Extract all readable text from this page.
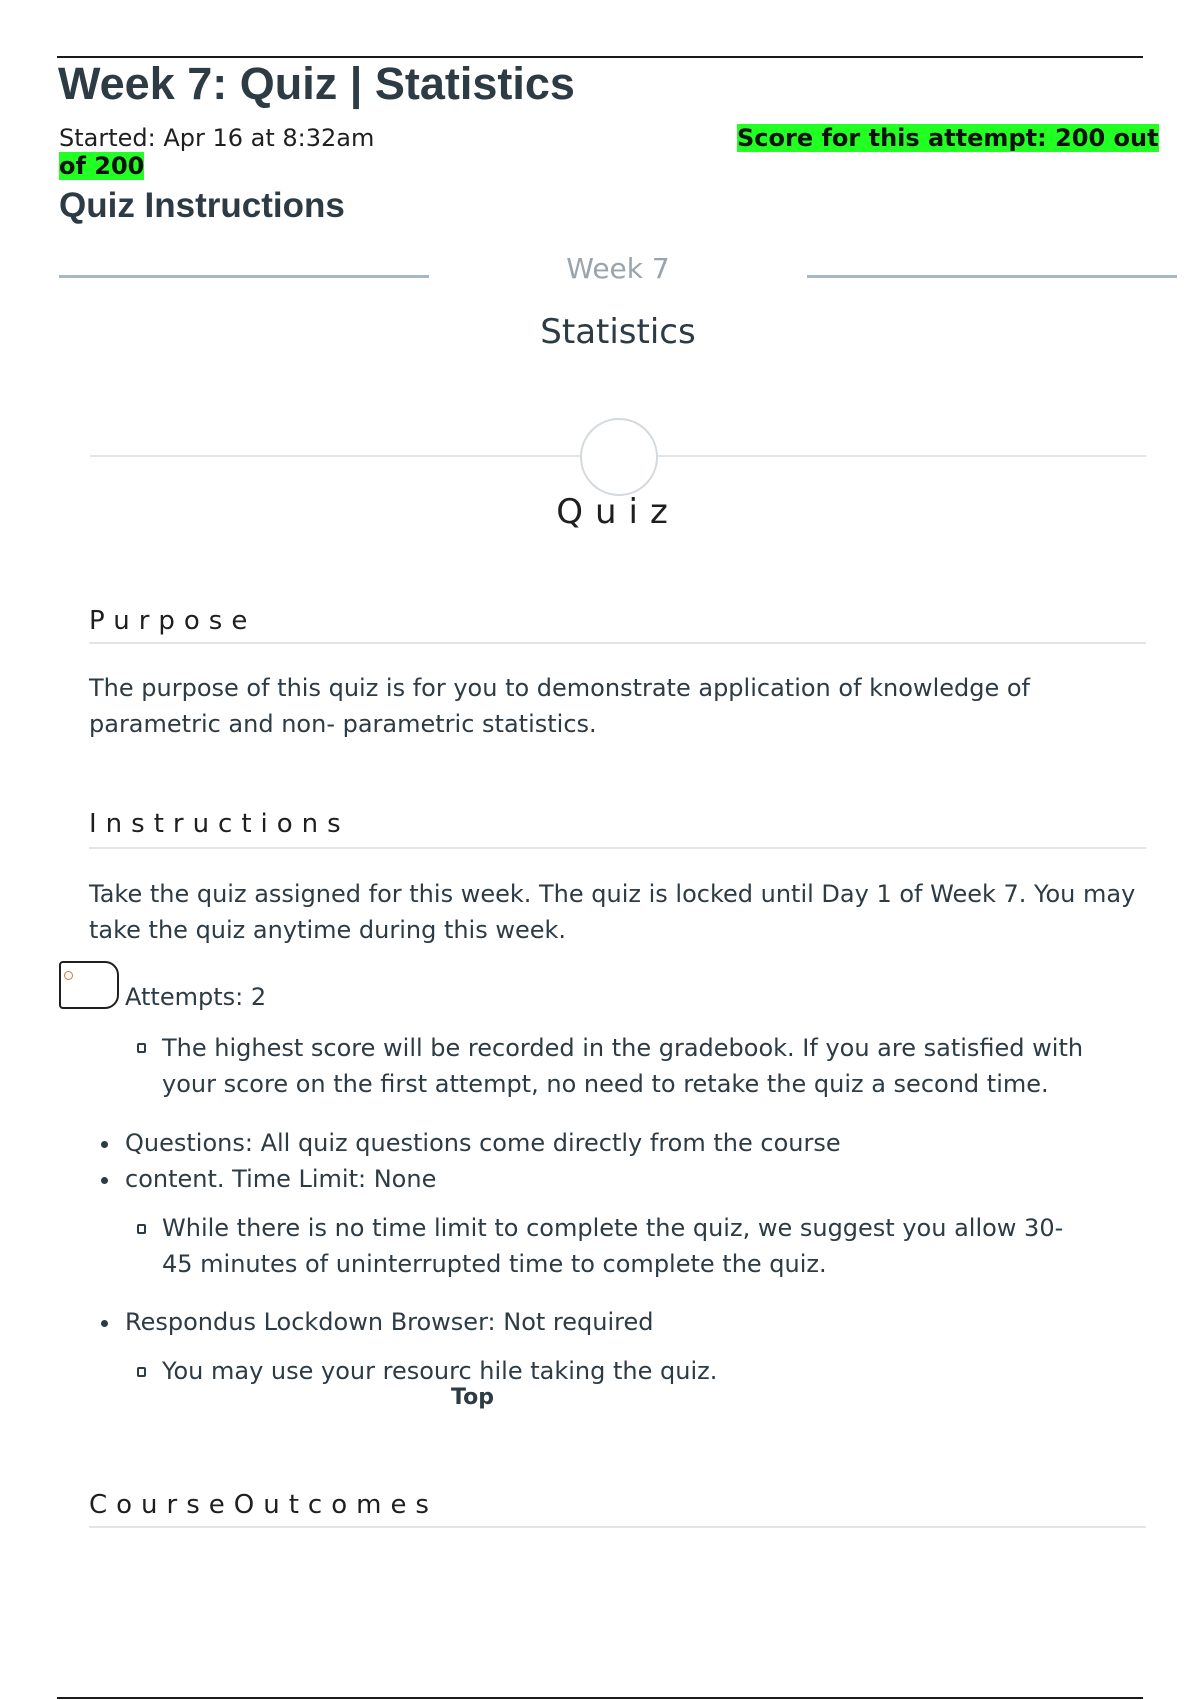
Week 7: Quiz | Statistics
Started: Apr 16 at 8:32am	Score for this attempt: 200 out
of 200
Quiz Instructions
Week 7
Statistics
Quiz
Purpose
The purpose of this quiz is for you to demonstrate application of knowledge of parametric and non- parametric statistics.
Instructions
Take the quiz assigned for this week. The quiz is locked until Day 1 of Week 7. You may take the quiz anytime during this week.
Attempts: 2
The highest score will be recorded in the gradebook. If you are satisfied with
your score on the first attempt, no need to retake the quiz a second time.
Questions: All quiz questions come directly from the course
content. Time Limit: None
While there is no time limit to complete the quiz, we suggest you allow 30-
45 minutes of uninterrupted time to complete the quiz.
Respondus Lockdown Browser: Not required
You may use your resourc hile taking the quiz.
Top
CourseOutcomes
